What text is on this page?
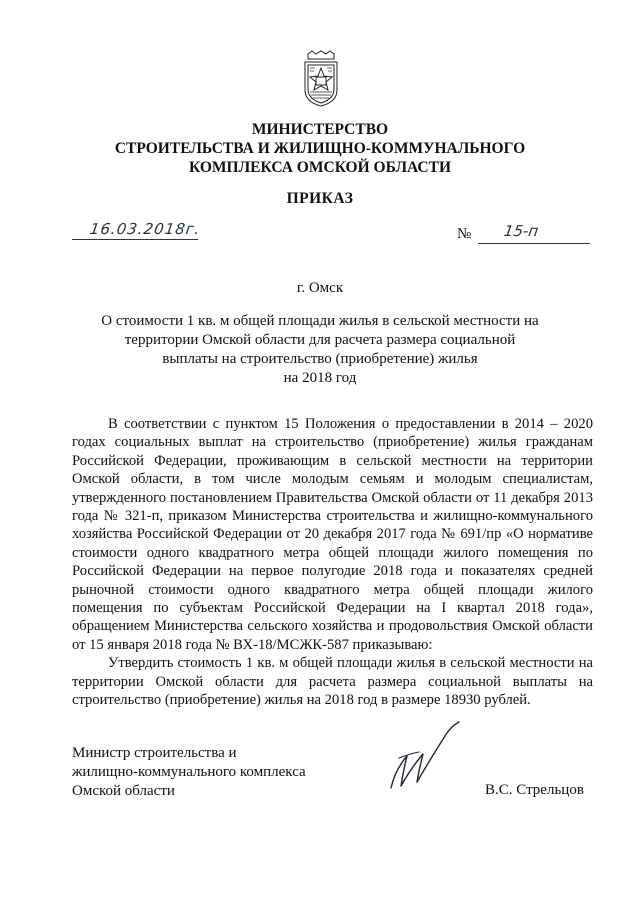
МИНИСТЕРСТВО
СТРОИТЕЛЬСТВА И ЖИЛИЩНО-КОММУНАЛЬНОГО
КОМПЛЕКСА ОМСКОЙ ОБЛАСТИ
ПРИКАЗ
16.03.2018г.	№ 15-п
г. Омск
О стоимости 1 кв. м общей площади жилья в сельской местности на
территории Омской области для расчета размера социальной
выплаты на строительство (приобретение) жилья
на 2018 год

В соответствии с пунктом 15 Положения о предоставлении в 2014 – 2020 годах социальных выплат на строительство (приобретение) жилья гражданам Российской Федерации, проживающим в сельской местности на территории Омской области, в том числе молодым семьям и молодым специалистам, утвержденного постановлением Правительства Омской области от 11 декабря 2013 года № 321-п, приказом Министерства строительства и жилищно-коммунального хозяйства Российской Федерации от 20 декабря 2017 года № 691/пр «О нормативе стоимости одного квадратного метра общей площади жилого помещения по Российской Федерации на первое полугодие 2018 года и показателях средней рыночной стоимости одного квадратного метра общей площади жилого помещения по субъектам Российской Федерации на I квартал 2018 года», обращением Министерства сельского хозяйства и продовольствия Омской области от 15 января 2018 года № ВХ-18/МСЖК-587 приказываю:

Утвердить стоимость 1 кв. м общей площади жилья в сельской местности на территории Омской области для расчета размера социальной выплаты на строительство (приобретение) жилья на 2018 год в размере 18930 рублей.

Министр строительства и
жилищно-коммунального комплекса
Омской области	В.С. Стрельцов
